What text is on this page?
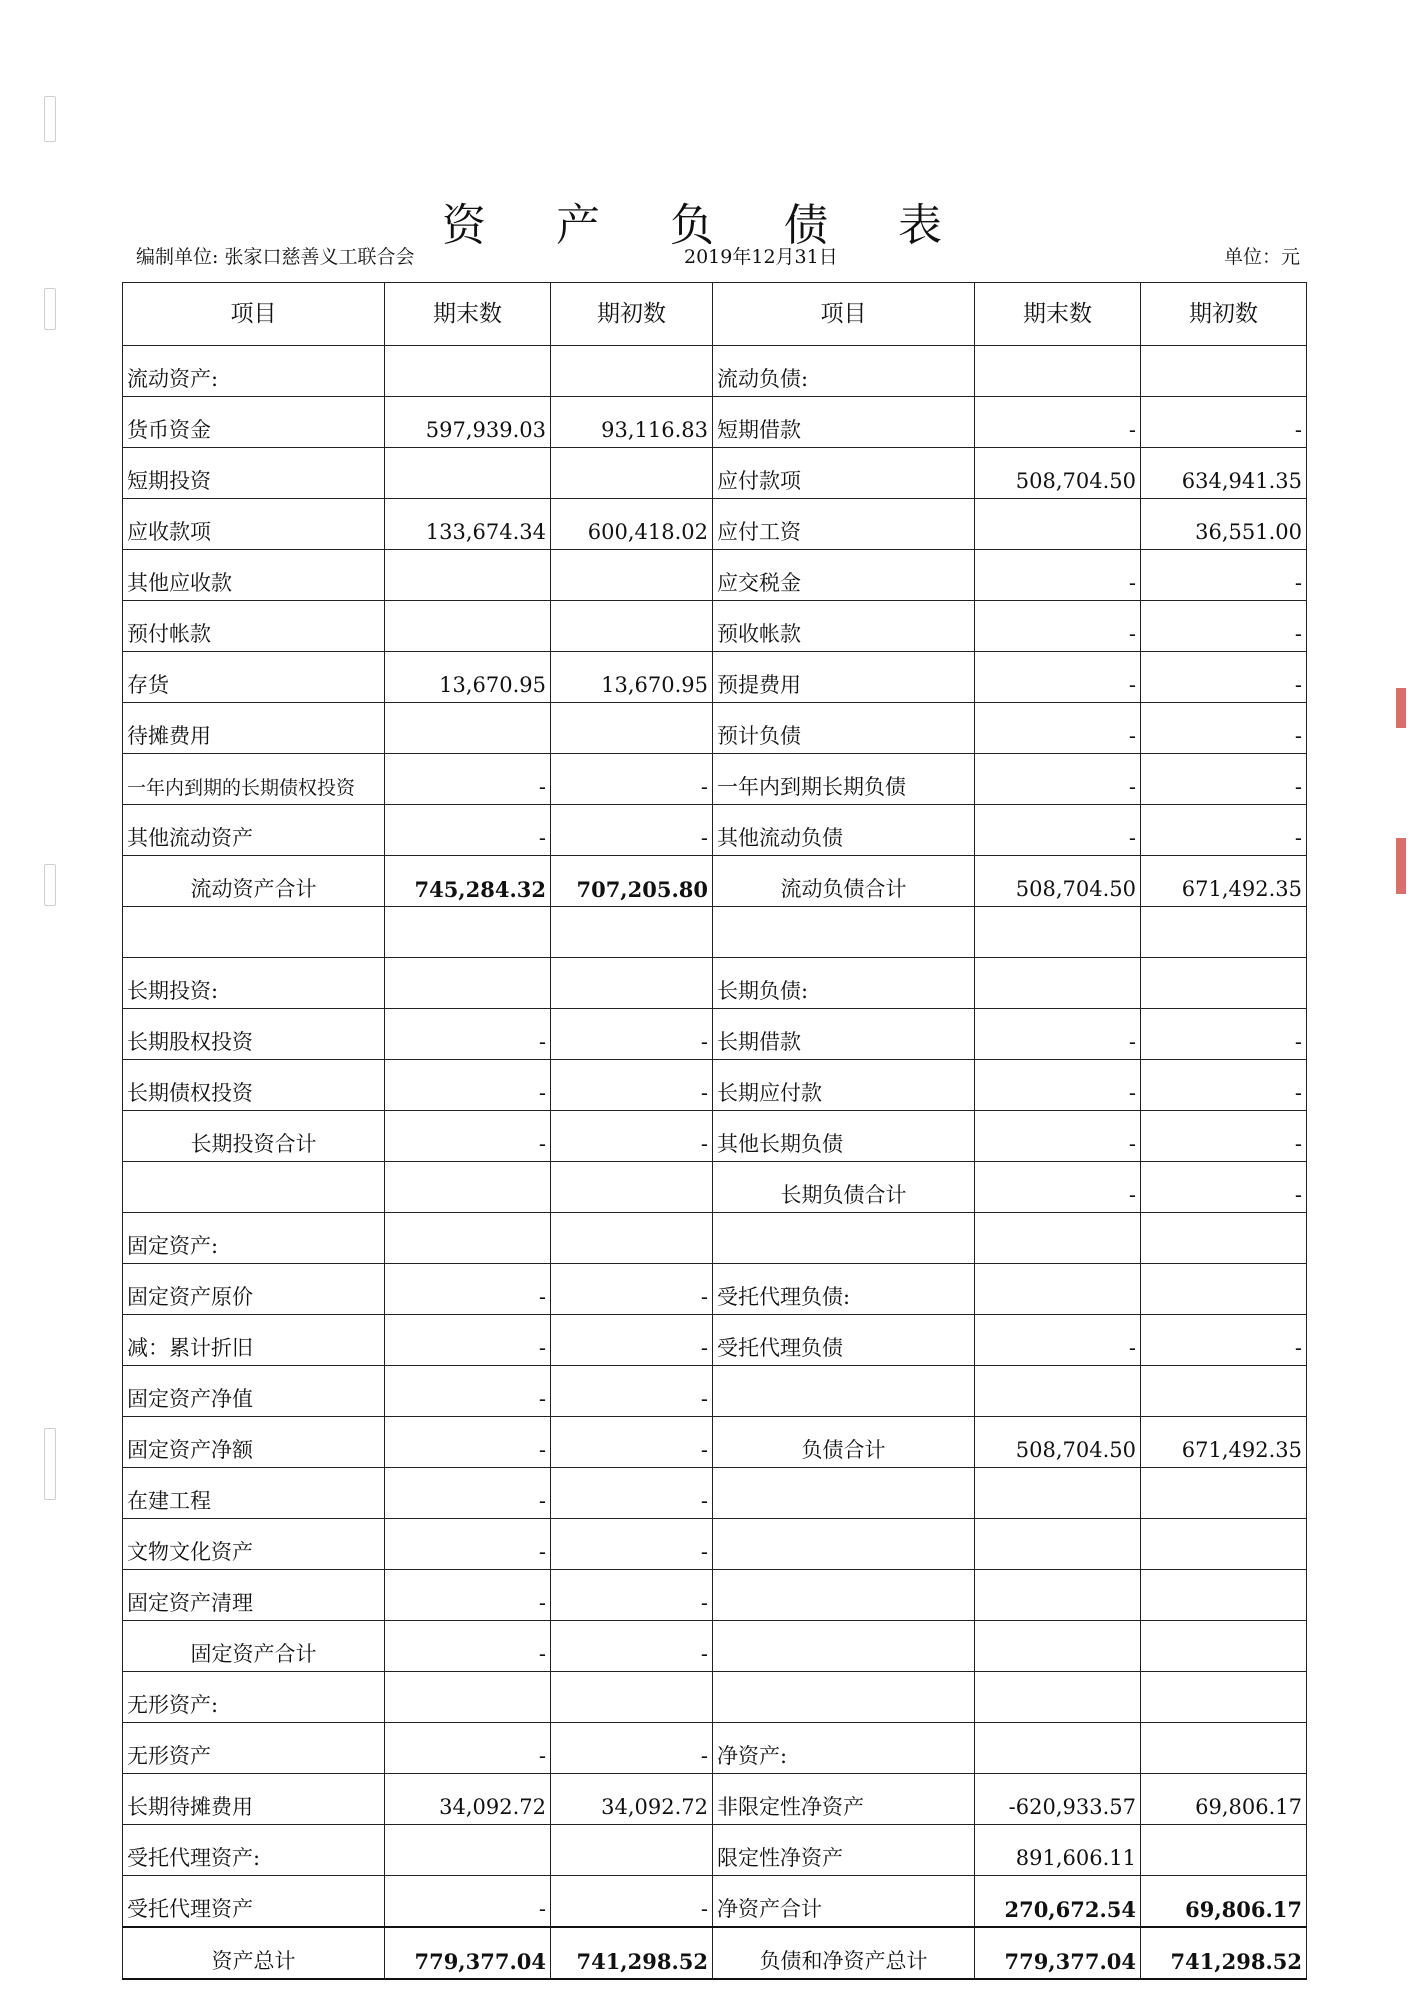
资 产 负 债 表
编制单位: 张家口慈善义工联合会	2019年12月31日	单位：元
项目	期末数	期初数	项目	期末数	期初数
流动资产:			流动负债:		
货币资金	597,939.03	93,116.83	短期借款	-	-
短期投资			应付款项	508,704.50	634,941.35
应收款项	133,674.34	600,418.02	应付工资		36,551.00
其他应收款			应交税金	-	-
预付帐款			预收帐款	-	-
存货	13,670.95	13,670.95	预提费用	-	-
待摊费用			预计负债	-	-
一年内到期的长期债权投资	-	-	一年内到期长期负债	-	-
其他流动资产	-	-	其他流动负债	-	-
流动资产合计	745,284.32	707,205.80	流动负债合计	508,704.50	671,492.35

长期投资:			长期负债:		
长期股权投资	-	-	长期借款	-	-
长期债权投资	-	-	长期应付款	-	-
长期投资合计	-	-	其他长期负债	-	-
			长期负债合计	-	-
固定资产:					
固定资产原价	-	-	受托代理负债:		
减：累计折旧	-	-	受托代理负债	-	-
固定资产净值	-	-			
固定资产净额	-	-	负债合计	508,704.50	671,492.35
在建工程	-	-			
文物文化资产	-	-			
固定资产清理	-	-			
固定资产合计	-	-			
无形资产:					
无形资产	-	-	净资产:		
长期待摊费用	34,092.72	34,092.72	非限定性净资产	-620,933.57	69,806.17
受托代理资产:			限定性净资产	891,606.11	
受托代理资产	-	-	净资产合计	270,672.54	69,806.17
资产总计	779,377.04	741,298.52	负债和净资产总计	779,377.04	741,298.52
